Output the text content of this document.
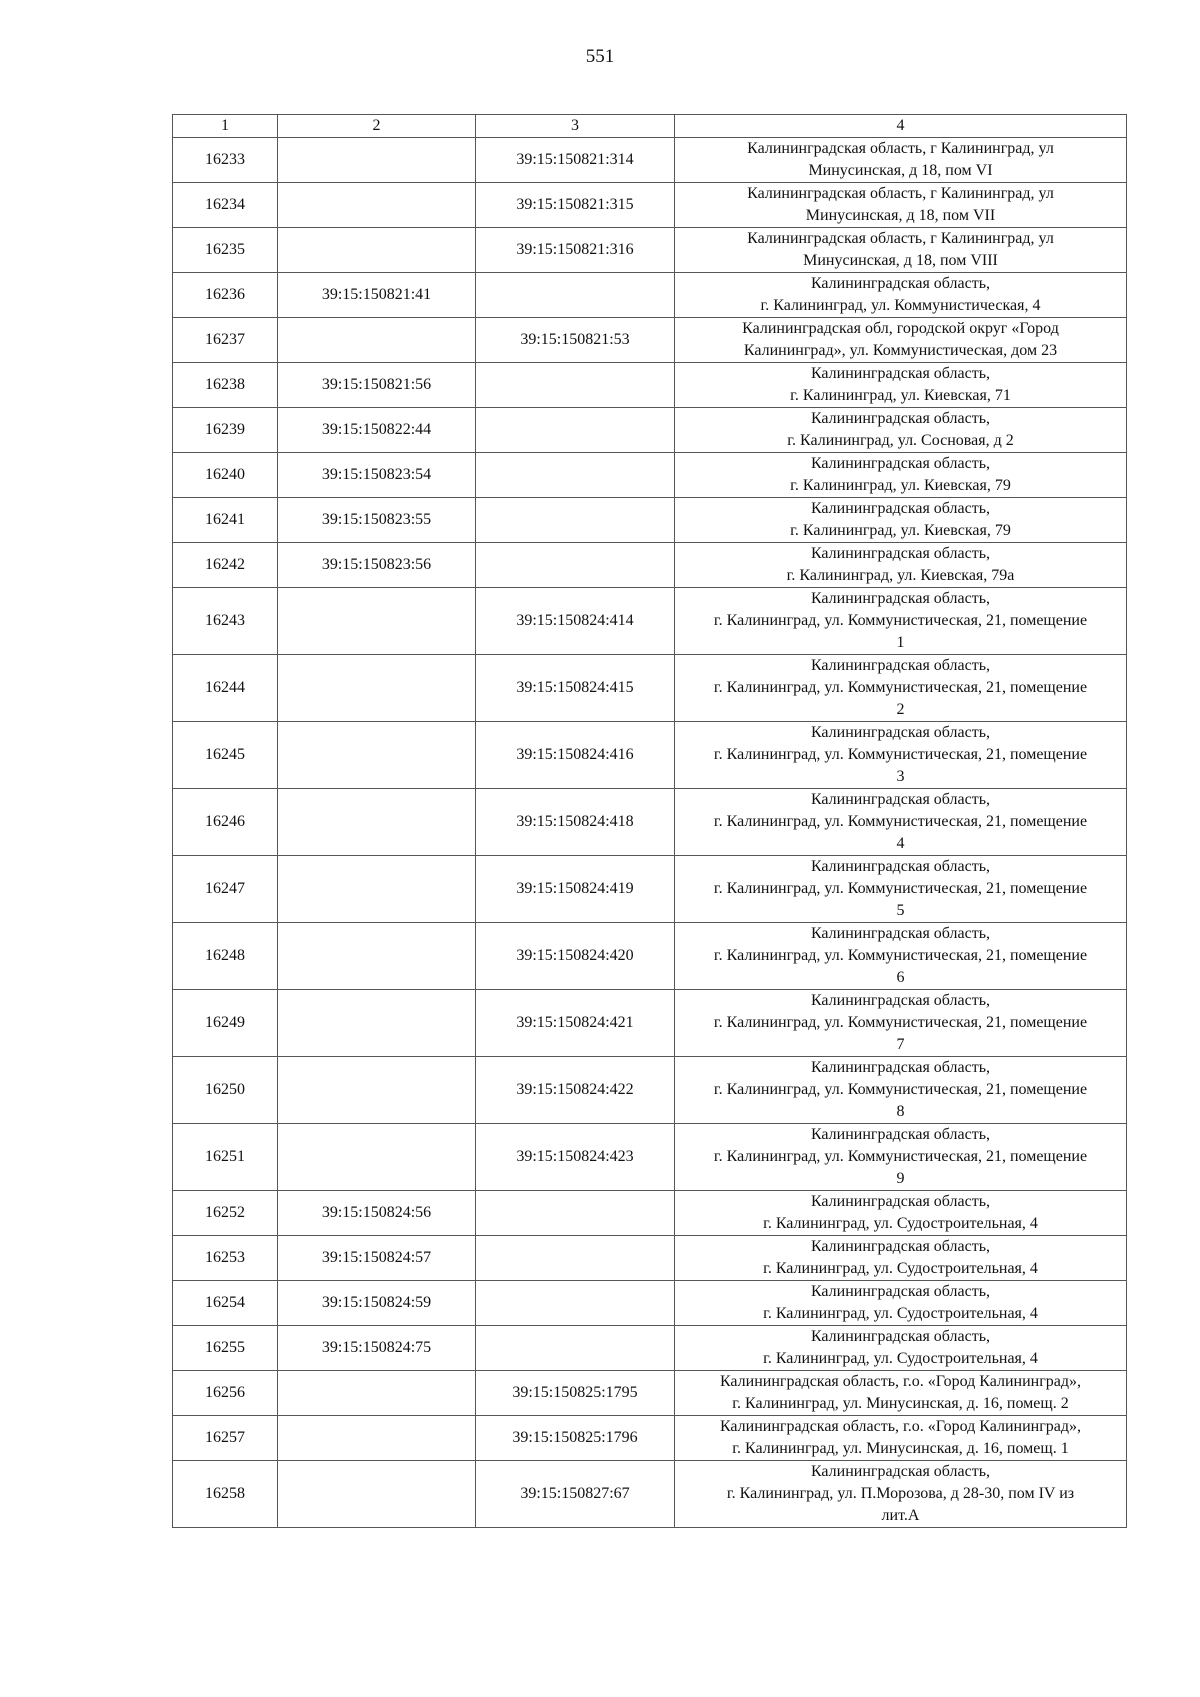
551
1	2	3	4
16233		39:15:150821:314	Калининградская область, г Калининград, ул
Минусинская, д 18, пом VI

16234		39:15:150821:315	Калининградская область, г Калининград, ул
Минусинская, д 18, пом VII

16235		39:15:150821:316	Калининградская область, г Калининград, ул
Минусинская, д 18, пом VIII

16236	39:15:150821:41		Калининградская область,
г. Калининград, ул. Коммунистическая, 4

16237		39:15:150821:53	Калининградская обл, городской округ «Город
Калининград», ул. Коммунистическая, дом 23

16238	39:15:150821:56		Калининградская область,
г. Калининград, ул. Киевская, 71

16239	39:15:150822:44		Калининградская область,
г. Калининград, ул. Сосновая, д 2

16240	39:15:150823:54		Калининградская область,
г. Калининград, ул. Киевская, 79

16241	39:15:150823:55		Калининградская область,
г. Калининград, ул. Киевская, 79

16242	39:15:150823:56		Калининградская область,
г. Калининград, ул. Киевская, 79а

16243		39:15:150824:414	Калининградская область,
г. Калининград, ул. Коммунистическая, 21, помещение
1

16244		39:15:150824:415	Калининградская область,
г. Калининград, ул. Коммунистическая, 21, помещение
2

16245		39:15:150824:416	Калининградская область,
г. Калининград, ул. Коммунистическая, 21, помещение
3

16246		39:15:150824:418	Калининградская область,
г. Калининград, ул. Коммунистическая, 21, помещение
4

16247		39:15:150824:419	Калининградская область,
г. Калининград, ул. Коммунистическая, 21, помещение
5

16248		39:15:150824:420	Калининградская область,
г. Калининград, ул. Коммунистическая, 21, помещение
6

16249		39:15:150824:421	Калининградская область,
г. Калининград, ул. Коммунистическая, 21, помещение
7

16250		39:15:150824:422	Калининградская область,
г. Калининград, ул. Коммунистическая, 21, помещение
8

16251		39:15:150824:423	Калининградская область,
г. Калининград, ул. Коммунистическая, 21, помещение
9

16252	39:15:150824:56		Калининградская область,
г. Калининград, ул. Судостроительная, 4

16253	39:15:150824:57		Калининградская область,
г. Калининград, ул. Судостроительная, 4

16254	39:15:150824:59		Калининградская область,
г. Калининград, ул. Судостроительная, 4

16255	39:15:150824:75		Калининградская область,
г. Калининград, ул. Судостроительная, 4

16256		39:15:150825:1795	Калининградская область, г.о. «Город Калининград»,
г. Калининград, ул. Минусинская, д. 16, помещ. 2

16257		39:15:150825:1796	Калининградская область, г.о. «Город Калининград»,
г. Калининград, ул. Минусинская, д. 16, помещ. 1

16258		39:15:150827:67	Калининградская область,
г. Калининград, ул. П.Морозова, д 28-30, пом IV из
лит.А
